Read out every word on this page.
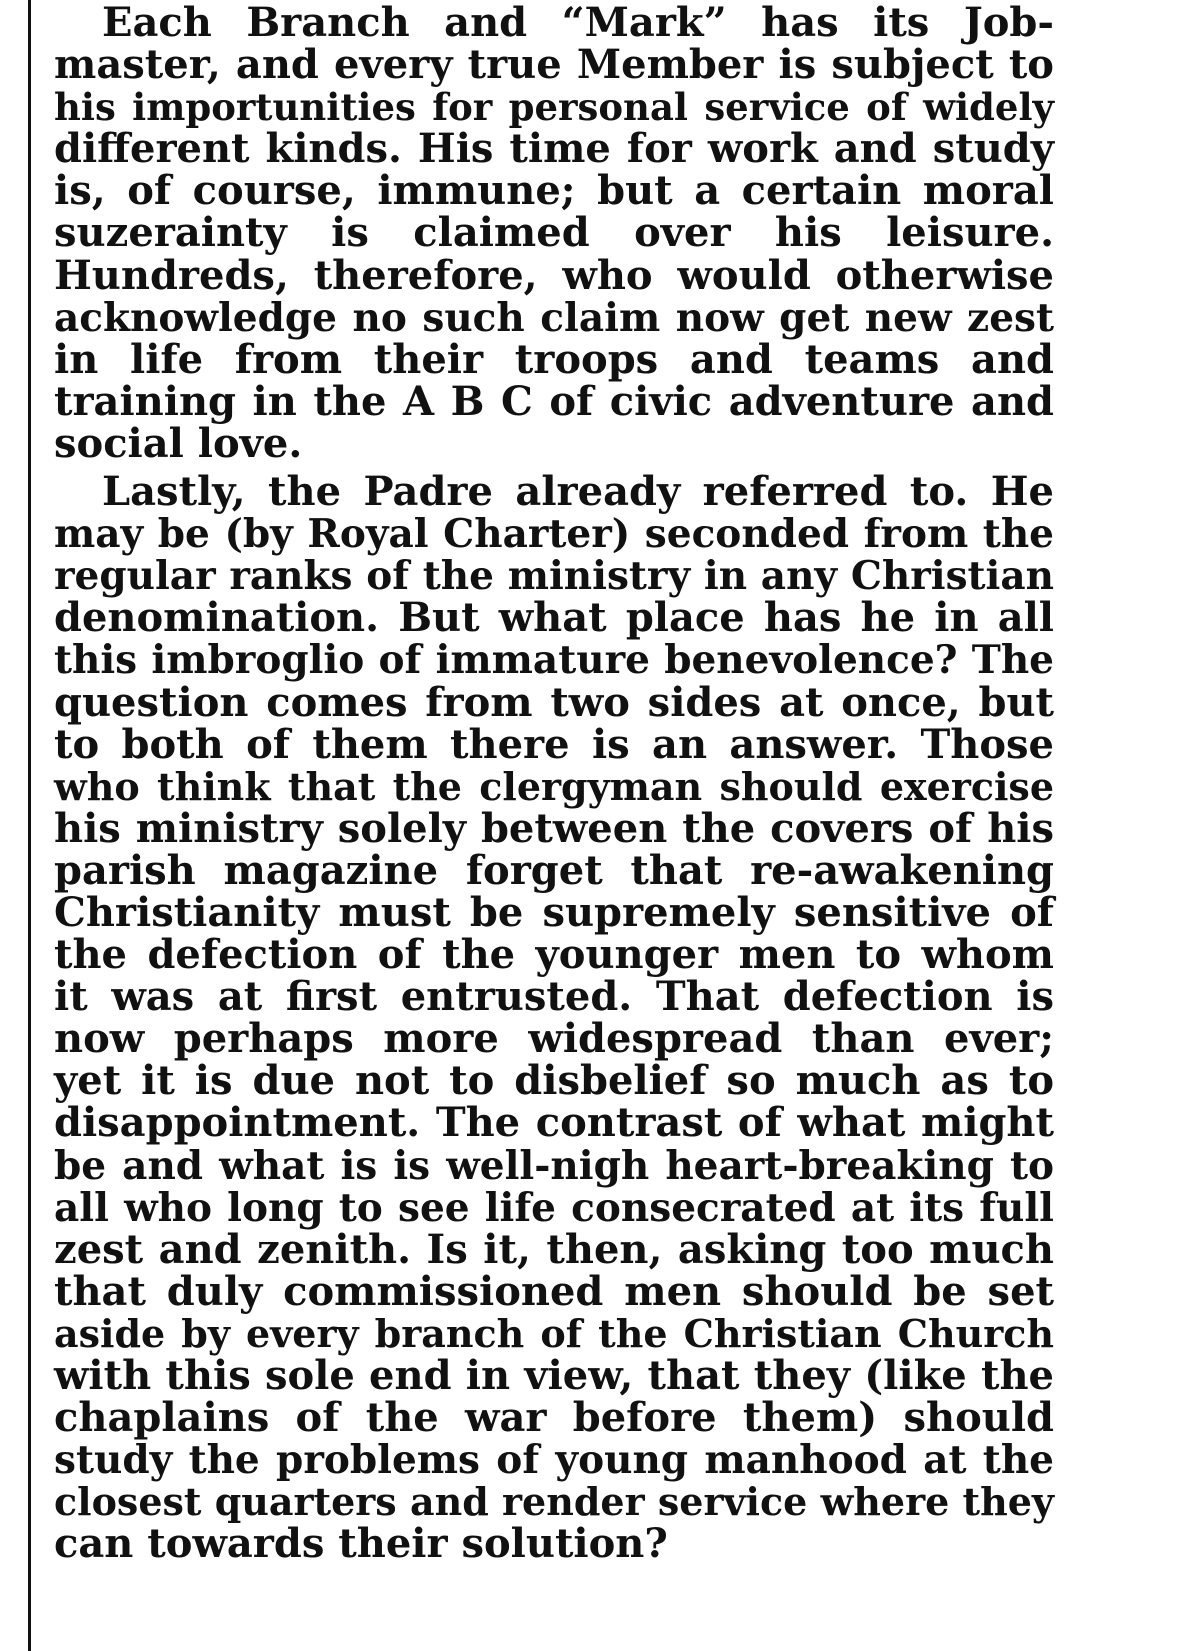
Each Branch and “Mark” has its Job-
master, and every true Member is subject to
his importunities for personal service of widely
different kinds. His time for work and study
is, of course, immune; but a certain moral
suzerainty is claimed over his leisure.
Hundreds, therefore, who would otherwise
acknowledge no such claim now get new zest
in life from their troops and teams and
training in the A B C of civic adventure and
social love.
Lastly, the Padre already referred to. He
may be (by Royal Charter) seconded from the
regular ranks of the ministry in any Christian
denomination. But what place has he in all
this imbroglio of immature benevolence? The
question comes from two sides at once, but
to both of them there is an answer. Those
who think that the clergyman should exercise
his ministry solely between the covers of his
parish magazine forget that re-awakening
Christianity must be supremely sensitive of
the defection of the younger men to whom
it was at first entrusted. That defection is
now perhaps more widespread than ever;
yet it is due not to disbelief so much as to
disappointment. The contrast of what might
be and what is is well-nigh heart-breaking to
all who long to see life consecrated at its full
zest and zenith. Is it, then, asking too much
that duly commissioned men should be set
aside by every branch of the Christian Church
with this sole end in view, that they (like the
chaplains of the war before them) should
study the problems of young manhood at the
closest quarters and render service where they
can towards their solution?
